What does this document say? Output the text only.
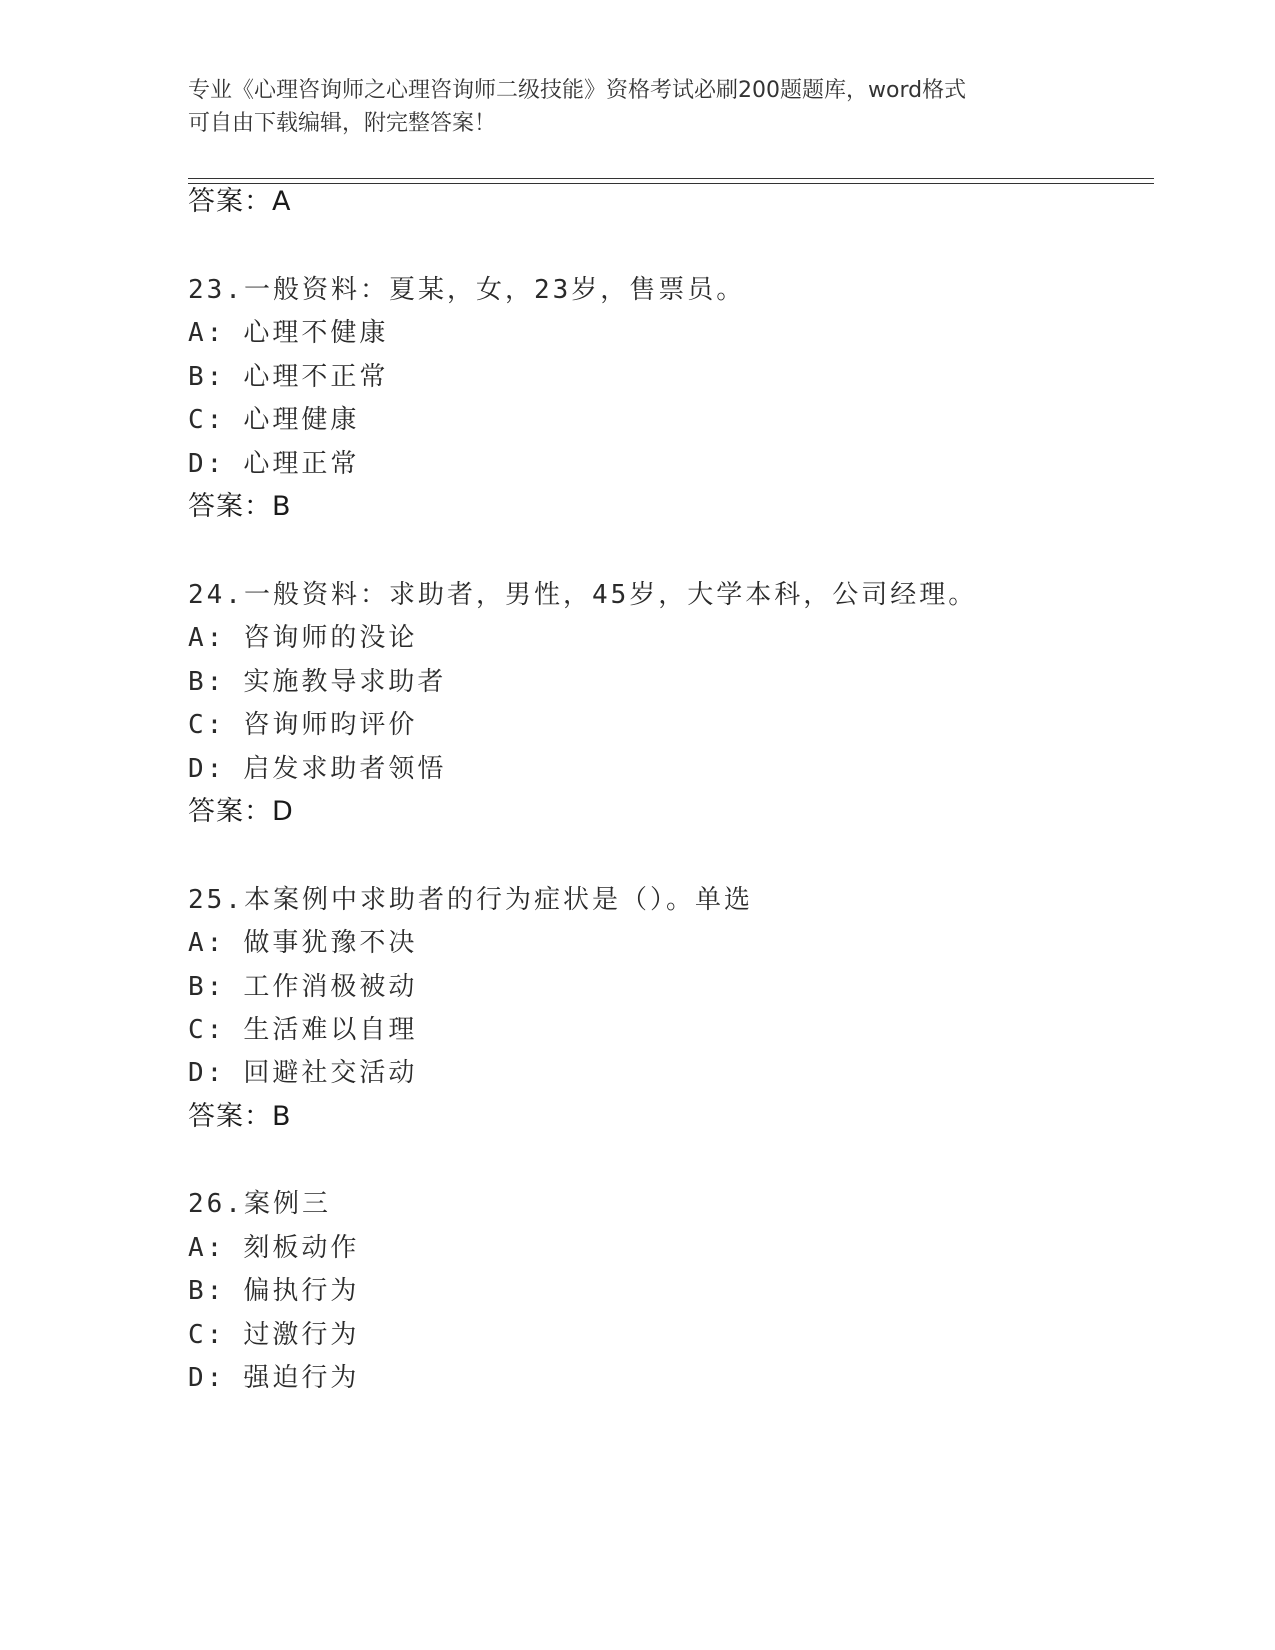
专业《心理咨询师之心理咨询师二级技能》资格考试必刷200题题库，word格式
可自由下载编辑，附完整答案！
答案：A
23.一般资料：夏某，女，23岁，售票员。
A: 心理不健康
B: 心理不正常
C: 心理健康
D: 心理正常
答案：B
24.一般资料：求助者，男性，45岁，大学本科，公司经理。
A: 咨询师的没论
B: 实施教导求助者
C: 咨询师昀评价
D: 启发求助者领悟
答案：D
25.本案例中求助者的行为症状是（）。单选
A: 做事犹豫不决
B: 工作消极被动
C: 生活难以自理
D: 回避社交活动
答案：B
26.案例三
A: 刻板动作
B: 偏执行为
C: 过激行为
D: 强迫行为
